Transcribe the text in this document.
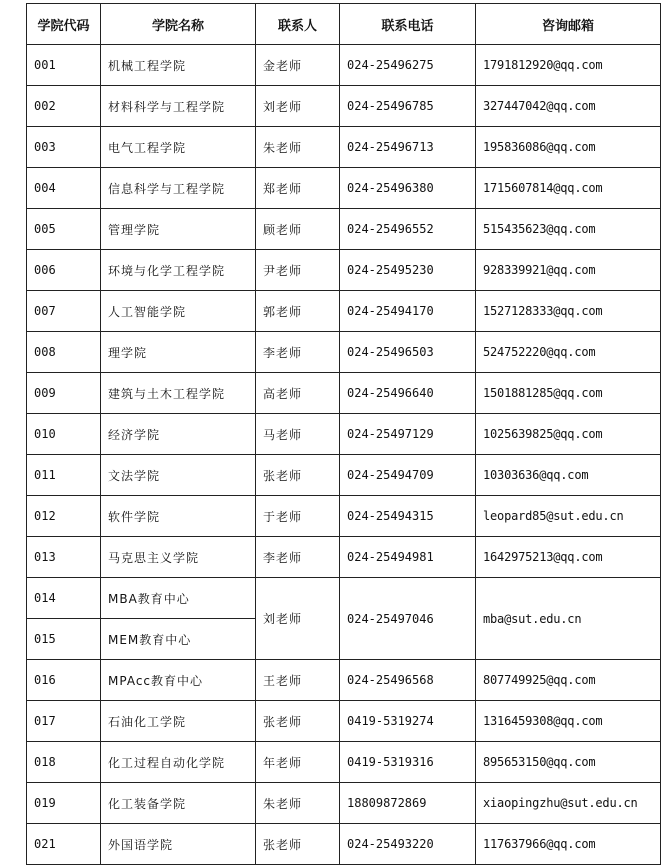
学院代码	学院名称	联系人	联系电话	咨询邮箱
001	机械工程学院	金老师	024-25496275	1791812920@qq.com
002	材料科学与工程学院	刘老师	024-25496785	327447042@qq.com
003	电气工程学院	朱老师	024-25496713	195836086@qq.com
004	信息科学与工程学院	郑老师	024-25496380	1715607814@qq.com
005	管理学院	顾老师	024-25496552	515435623@qq.com
006	环境与化学工程学院	尹老师	024-25495230	928339921@qq.com
007	人工智能学院	郭老师	024-25494170	1527128333@qq.com
008	理学院	李老师	024-25496503	524752220@qq.com
009	建筑与土木工程学院	高老师	024-25496640	1501881285@qq.com
010	经济学院	马老师	024-25497129	1025639825@qq.com
011	文法学院	张老师	024-25494709	10303636@qq.com
012	软件学院	于老师	024-25494315	leopard85@sut.edu.cn
013	马克思主义学院	李老师	024-25494981	1642975213@qq.com
014	MBA教育中心	刘老师	024-25497046	mba@sut.edu.cn
015	MEM教育中心			
016	MPAcc教育中心	王老师	024-25496568	807749925@qq.com
017	石油化工学院	张老师	0419-5319274	1316459308@qq.com
018	化工过程自动化学院	年老师	0419-5319316	895653150@qq.com
019	化工装备学院	朱老师	18809872869	xiaopingzhu@sut.edu.cn
021	外国语学院	张老师	024-25493220	117637966@qq.com
